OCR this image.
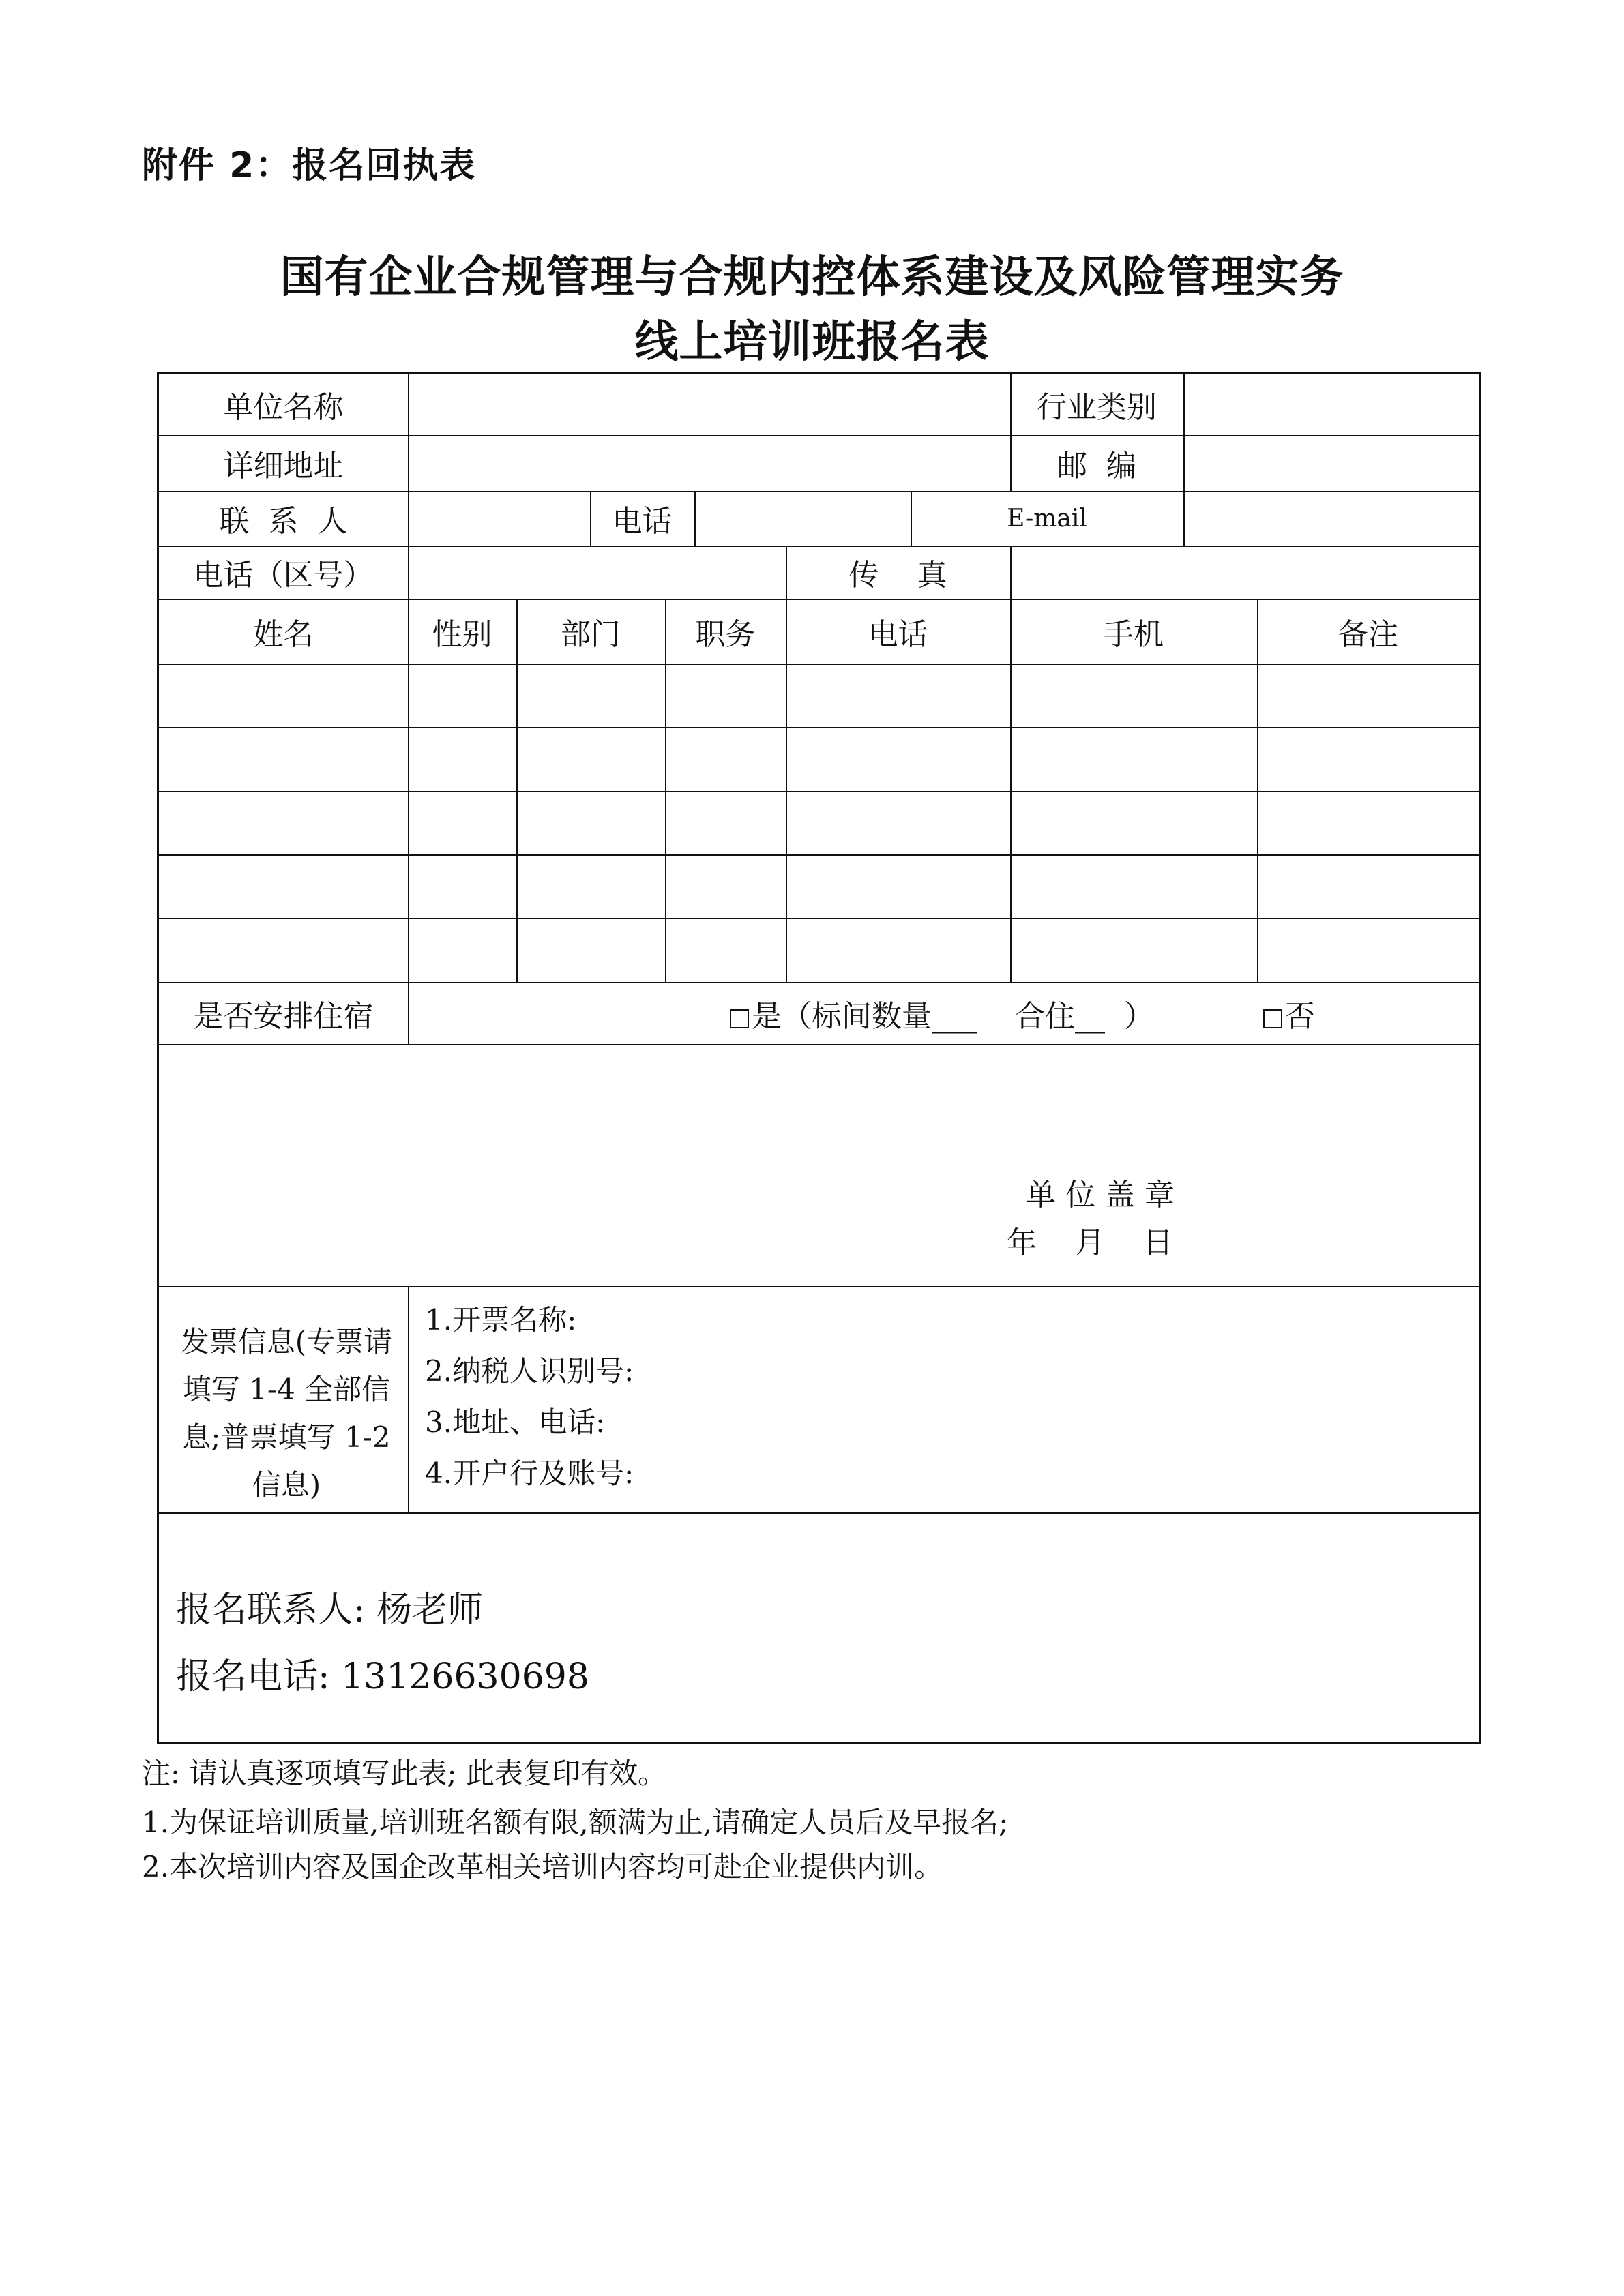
附件 2：报名回执表
国有企业合规管理与合规内控体系建设及风险管理实务
线上培训班报名表
单位名称	行业类别
详细地址	邮  编
联  系  人	电话	E-mail
电话（区号）	传    真
姓名	性别	部门	职务	电话	手机	备注
是否安排住宿	是（标间数量___    合住__  ）	否
单 位 盖 章
年    月    日
发票信息(专票请填写 1-4 全部信息;普票填写 1-2 信息)
1.开票名称:
2.纳税人识别号:
3.地址、电话:
4.开户行及账号:
报名联系人: 杨老师
报名电话: 13126630698
注: 请认真逐项填写此表; 此表复印有效。
1.为保证培训质量,培训班名额有限,额满为止,请确定人员后及早报名;
2.本次培训内容及国企改革相关培训内容均可赴企业提供内训。
